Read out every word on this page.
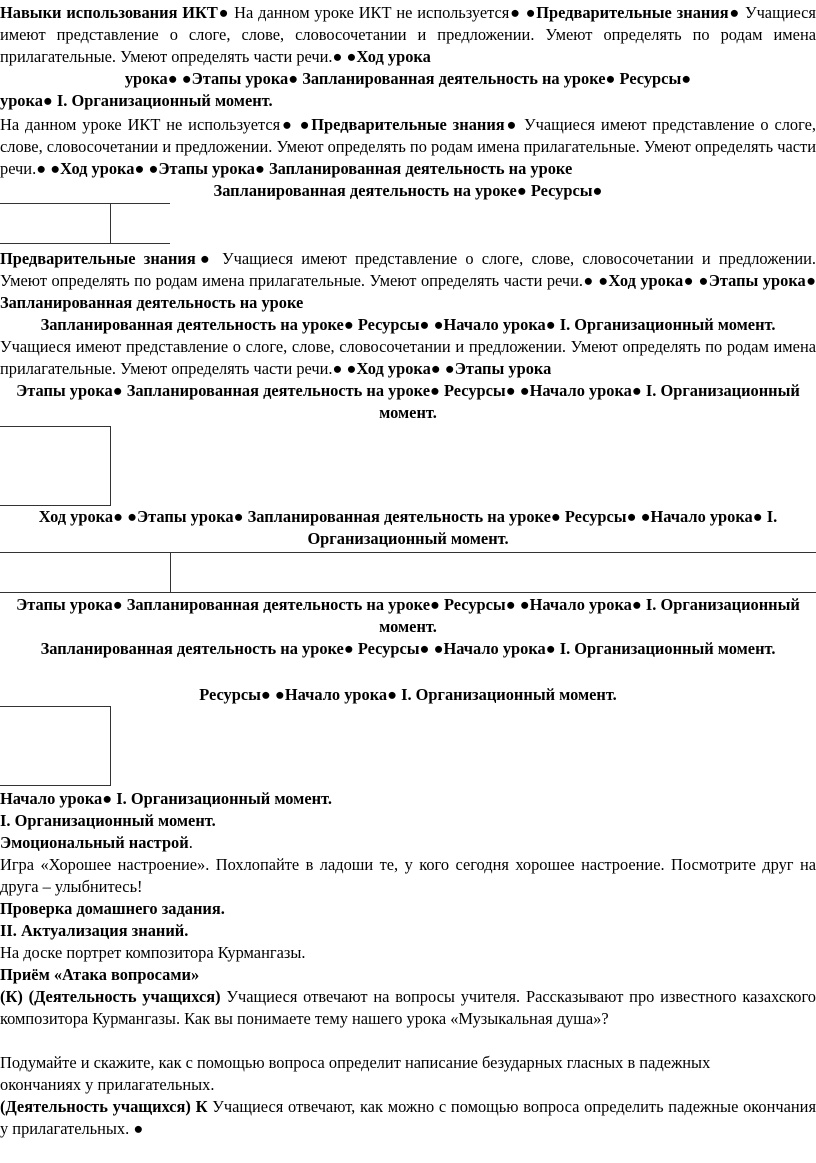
Навыки использования ИКТ● На данном уроке ИКТ не используется● ●Предварительные знания● Учащиеся имеют представление о слоге, слове, словосочетании и предложении. Умеют определять по родам имена прилагательные. Умеют определять части речи.● ●Ход урока

урока● ●Этапы урока● Запланированная деятельность на уроке● Ресурсы●

урока● I. Организационный момент.

На данном уроке ИКТ не используется● ●Предварительные знания● Учащиеся имеют представление о слоге, слове, словосочетании и предложении. Умеют определять по родам имена прилагательные. Умеют определять части речи.● ●Ход урока● ●Этапы урока● Запланированная деятельность на уроке

Запланированная деятельность на уроке● Ресурсы●

Предварительные знания● Учащиеся имеют представление о слоге, слове, словосочетании и предложении. Умеют определять по родам имена прилагательные. Умеют определять части речи.● ●Ход урока● ●Этапы урока● Запланированная деятельность на уроке

Запланированная деятельность на уроке● Ресурсы● ●Начало урока● I. Организационный момент.

Учащиеся имеют представление о слоге, слове, словосочетании и предложении. Умеют определять по родам имена прилагательные. Умеют определять части речи.● ●Ход урока● ●Этапы урока

Этапы урока● Запланированная деятельность на уроке● Ресурсы● ●Начало урока● I. Организационный момент.

Ход урока● ●Этапы урока● Запланированная деятельность на уроке● Ресурсы● ●Начало урока● I. Организационный момент.

Этапы урока● Запланированная деятельность на уроке● Ресурсы● ●Начало урока● I. Организационный момент.

Запланированная деятельность на уроке● Ресурсы● ●Начало урока● I. Организационный момент.

Ресурсы● ●Начало урока● I. Организационный момент.

Начало урока● I. Организационный момент.

I. Организационный момент.

Эмоциональный настрой.

Игра «Хорошее настроение». Похлопайте в ладоши те, у кого сегодня хорошее настроение. Посмотрите друг на друга – улыбнитесь!

Проверка домашнего задания.

II. Актуализация знаний.

На доске портрет композитора Курмангазы.

Приём «Атака вопросами»

(К) (Деятельность учащихся) Учащиеся отвечают на вопросы учителя. Рассказывают про известного казахского композитора Курмангазы. Как вы понимаете тему нашего урока «Музыкальная душа»?

Подумайте и скажите, как с помощью вопроса определит написание безударных гласных в падежных окончаниях у прилагательных.

(Деятельность учащихся) К Учащиеся отвечают, как можно с помощью вопроса определить падежные окончания у прилагательных. ●
